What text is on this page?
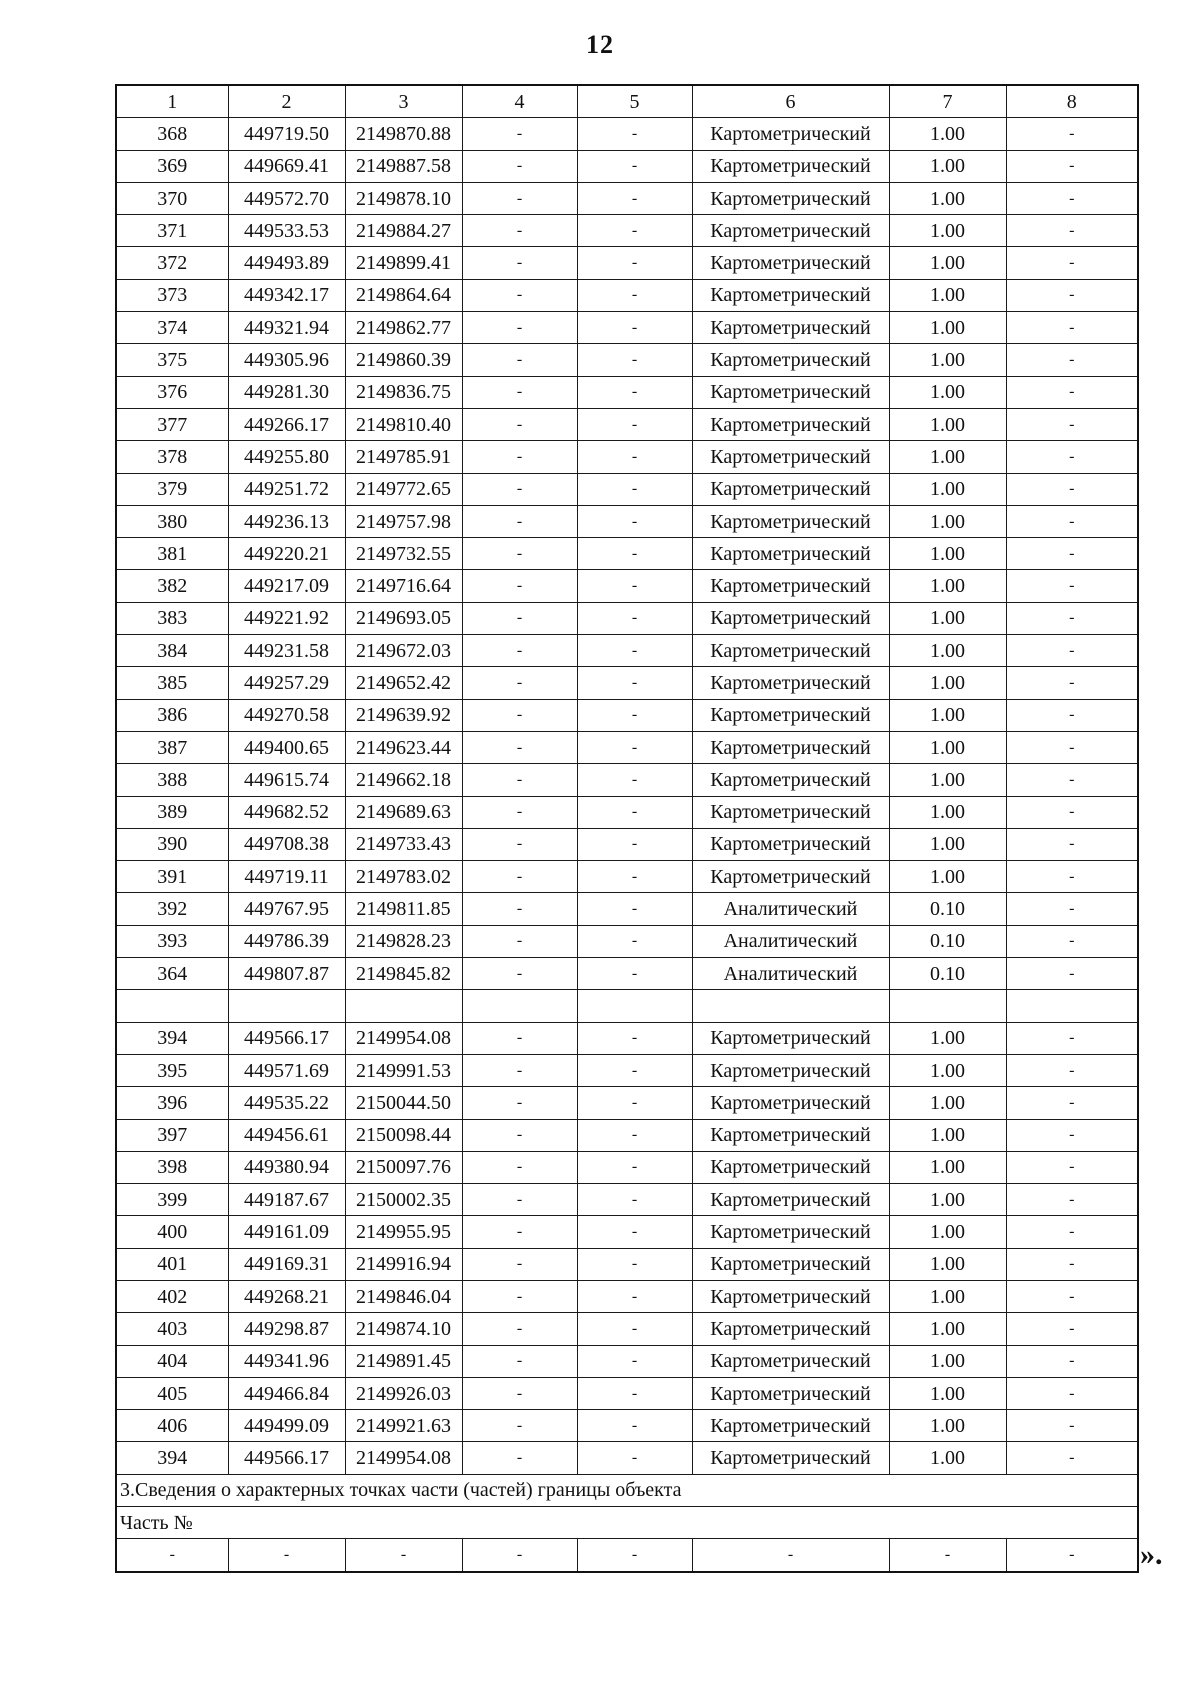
12
1	2	3	4	5	6	7	8
368	449719.50	2149870.88	-	-	Картометрический	1.00	-
369	449669.41	2149887.58	-	-	Картометрический	1.00	-
370	449572.70	2149878.10	-	-	Картометрический	1.00	-
371	449533.53	2149884.27	-	-	Картометрический	1.00	-
372	449493.89	2149899.41	-	-	Картометрический	1.00	-
373	449342.17	2149864.64	-	-	Картометрический	1.00	-
374	449321.94	2149862.77	-	-	Картометрический	1.00	-
375	449305.96	2149860.39	-	-	Картометрический	1.00	-
376	449281.30	2149836.75	-	-	Картометрический	1.00	-
377	449266.17	2149810.40	-	-	Картометрический	1.00	-
378	449255.80	2149785.91	-	-	Картометрический	1.00	-
379	449251.72	2149772.65	-	-	Картометрический	1.00	-
380	449236.13	2149757.98	-	-	Картометрический	1.00	-
381	449220.21	2149732.55	-	-	Картометрический	1.00	-
382	449217.09	2149716.64	-	-	Картометрический	1.00	-
383	449221.92	2149693.05	-	-	Картометрический	1.00	-
384	449231.58	2149672.03	-	-	Картометрический	1.00	-
385	449257.29	2149652.42	-	-	Картометрический	1.00	-
386	449270.58	2149639.92	-	-	Картометрический	1.00	-
387	449400.65	2149623.44	-	-	Картометрический	1.00	-
388	449615.74	2149662.18	-	-	Картометрический	1.00	-
389	449682.52	2149689.63	-	-	Картометрический	1.00	-
390	449708.38	2149733.43	-	-	Картометрический	1.00	-
391	449719.11	2149783.02	-	-	Картометрический	1.00	-
392	449767.95	2149811.85	-	-	Аналитический	0.10	-
393	449786.39	2149828.23	-	-	Аналитический	0.10	-
364	449807.87	2149845.82	-	-	Аналитический	0.10	-

394	449566.17	2149954.08	-	-	Картометрический	1.00	-
395	449571.69	2149991.53	-	-	Картометрический	1.00	-
396	449535.22	2150044.50	-	-	Картометрический	1.00	-
397	449456.61	2150098.44	-	-	Картометрический	1.00	-
398	449380.94	2150097.76	-	-	Картометрический	1.00	-
399	449187.67	2150002.35	-	-	Картометрический	1.00	-
400	449161.09	2149955.95	-	-	Картометрический	1.00	-
401	449169.31	2149916.94	-	-	Картометрический	1.00	-
402	449268.21	2149846.04	-	-	Картометрический	1.00	-
403	449298.87	2149874.10	-	-	Картометрический	1.00	-
404	449341.96	2149891.45	-	-	Картометрический	1.00	-
405	449466.84	2149926.03	-	-	Картометрический	1.00	-
406	449499.09	2149921.63	-	-	Картометрический	1.00	-
394	449566.17	2149954.08	-	-	Картометрический	1.00	-
3.Сведения о характерных точках части (частей) границы объекта							
Часть №							
-	-	-	-	-	-	-	- ».
